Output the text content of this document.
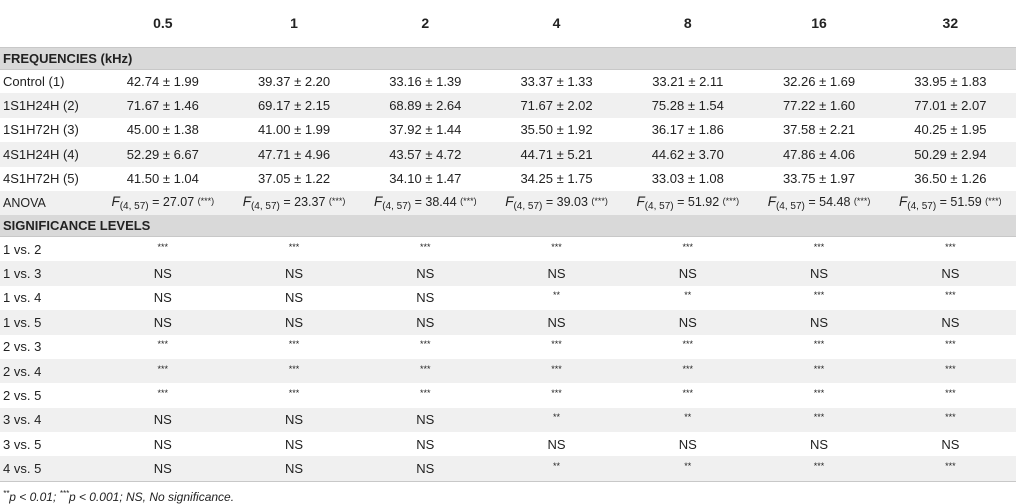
	0.5	1	2	4	8	16	32
FREQUENCIES (kHz)							
Control (1)	42.74 ± 1.99	39.37 ± 2.20	33.16 ± 1.39	33.37 ± 1.33	33.21 ± 2.11	32.26 ± 1.69	33.95 ± 1.83
1S1H24H (2)	71.67 ± 1.46	69.17 ± 2.15	68.89 ± 2.64	71.67 ± 2.02	75.28 ± 1.54	77.22 ± 1.60	77.01 ± 2.07
1S1H72H (3)	45.00 ± 1.38	41.00 ± 1.99	37.92 ± 1.44	35.50 ± 1.92	36.17 ± 1.86	37.58 ± 2.21	40.25 ± 1.95
4S1H24H (4)	52.29 ± 6.67	47.71 ± 4.96	43.57 ± 4.72	44.71 ± 5.21	44.62 ± 3.70	47.86 ± 4.06	50.29 ± 2.94
4S1H72H (5)	41.50 ± 1.04	37.05 ± 1.22	34.10 ± 1.47	34.25 ± 1.75	33.03 ± 1.08	33.75 ± 1.97	36.50 ± 1.26
ANOVA	$F_{(4, 57)} = 27.07$ (***)	$F_{(4, 57)} = 23.37$ (***)	$F_{(4, 57)} = 38.44$ (***)	$F_{(4, 57)} = 39.03$ (***)	$F_{(4, 57)} = 51.92$ (***)	$F_{(4, 57)} = 54.48$ (***)	$F_{(4, 57)} = 51.59$ (***)
SIGNIFICANCE LEVELS							
1 vs. 2	***	***	***	***	***	***	***
1 vs. 3	NS	NS	NS	NS	NS	NS	NS
1 vs. 4	NS	NS	NS	**	**	***	***
1 vs. 5	NS	NS	NS	NS	NS	NS	NS
2 vs. 3	***	***	***	***	***	***	***
2 vs. 4	***	***	***	***	***	***	***
2 vs. 5	***	***	***	***	***	***	***
3 vs. 4	NS	NS	NS	**	**	***	***
3 vs. 5	NS	NS	NS	NS	NS	NS	NS
4 vs. 5	NS	NS	NS	**	**	***	***
**p < 0.01; ***p < 0.001; NS, No significance.
